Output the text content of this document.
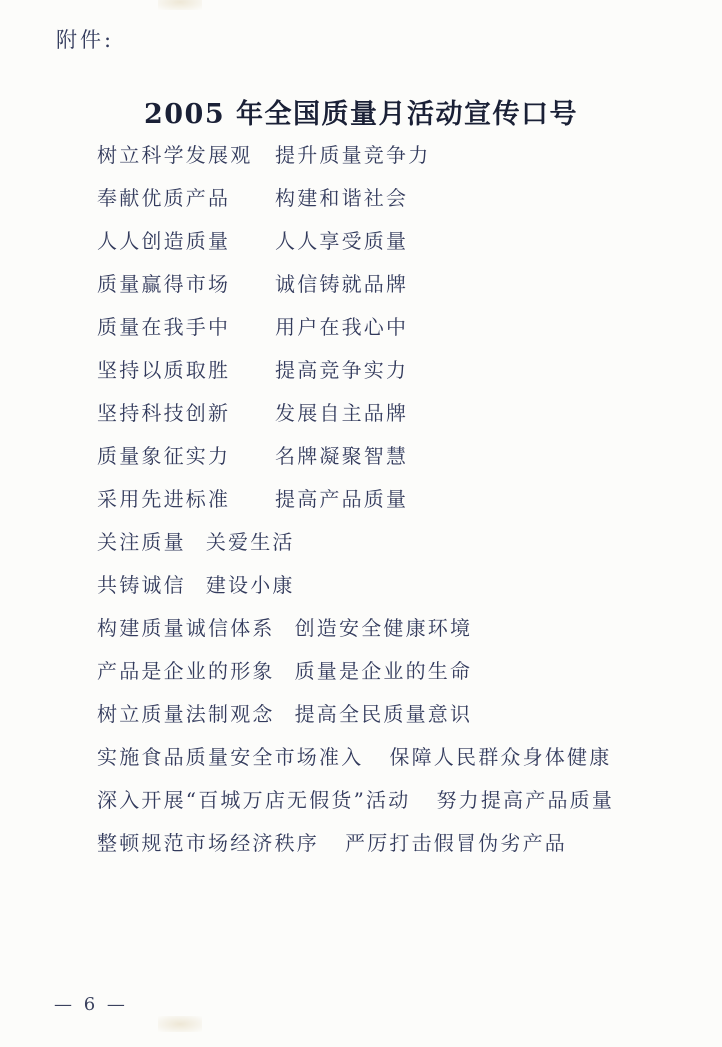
附件:
2005 年全国质量月活动宣传口号
树立科学发展观	提升质量竞争力
奉献优质产品	构建和谐社会
人人创造质量	人人享受质量
质量赢得市场	诚信铸就品牌
质量在我手中	用户在我心中
坚持以质取胜	提高竞争实力
坚持科技创新	发展自主品牌
质量象征实力	名牌凝聚智慧
采用先进标准	提高产品质量
关注质量 关爱生活
共铸诚信 建设小康
构建质量诚信体系 创造安全健康环境
产品是企业的形象 质量是企业的生命
树立质量法制观念 提高全民质量意识
实施食品质量安全市场准入 保障人民群众身体健康
深入开展“百城万店无假货”活动 努力提高产品质量
整顿规范市场经济秩序 严厉打击假冒伪劣产品
— 6 —
